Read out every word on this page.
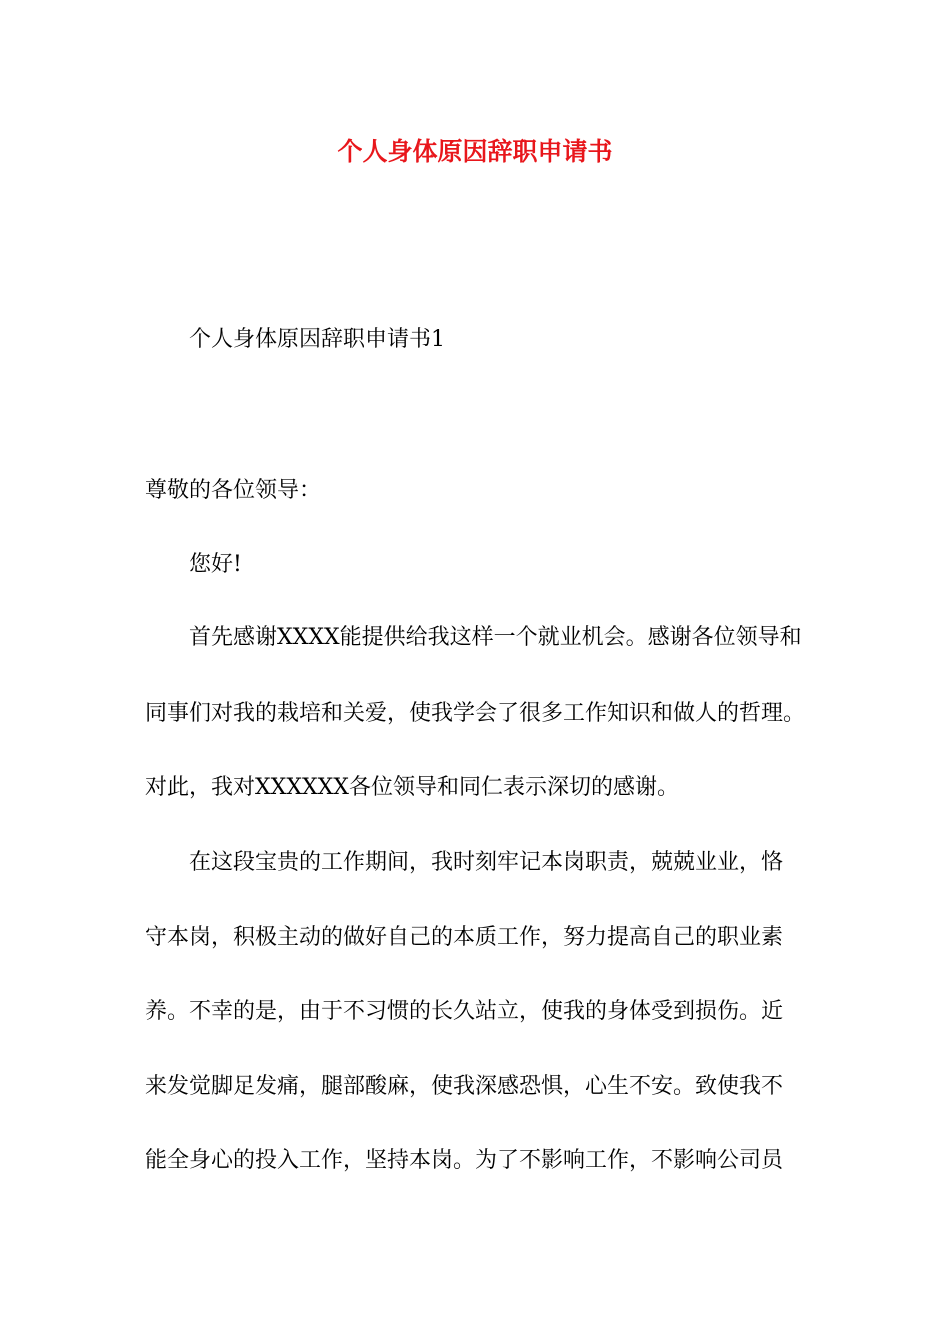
个人身体原因辞职申请书
个人身体原因辞职申请书1
尊敬的各位领导：
您好!
首先感谢XXXX能提供给我这样一个就业机会。感谢各位领导和
同事们对我的栽培和关爱，使我学会了很多工作知识和做人的哲理。
对此，我对XXXXXX各位领导和同仁表示深切的感谢。
在这段宝贵的工作期间，我时刻牢记本岗职责，兢兢业业，恪
守本岗，积极主动的做好自己的本质工作，努力提高自己的职业素
养。不幸的是，由于不习惯的长久站立，使我的身体受到损伤。近
来发觉脚足发痛，腿部酸麻，使我深感恐惧，心生不安。致使我不
能全身心的投入工作，坚持本岗。为了不影响工作，不影响公司员
